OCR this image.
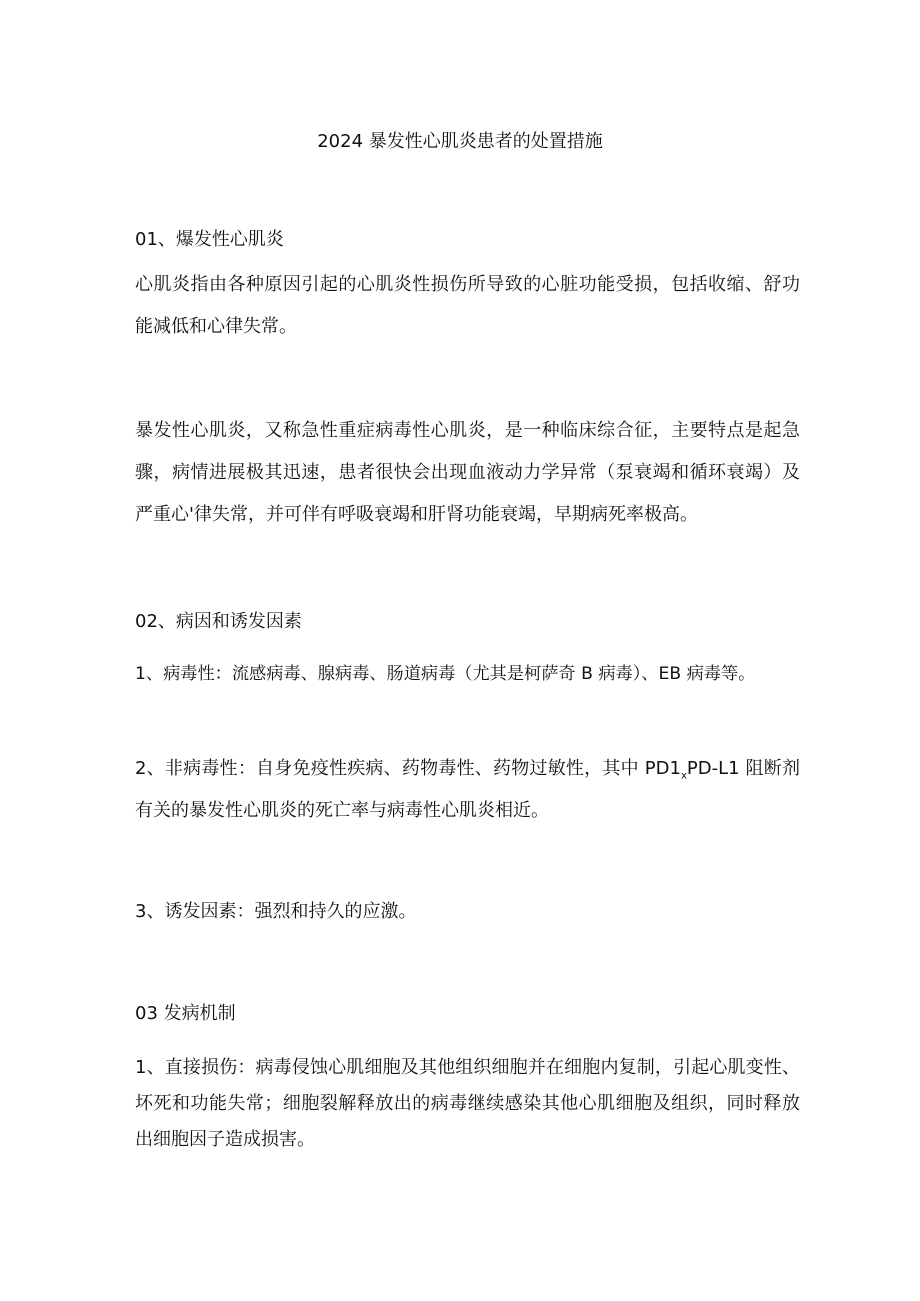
2024 暴发性心肌炎患者的处置措施
01、爆发性心肌炎
心肌炎指由各种原因引起的心肌炎性损伤所导致的心脏功能受损，包括收缩、舒功能减低和心律失常。
暴发性心肌炎，又称急性重症病毒性心肌炎，是一种临床综合征，主要特点是起急骤，病情进展极其迅速，患者很快会出现血液动力学异常（泵衰竭和循环衰竭）及严重心'律失常，并可伴有呼吸衰竭和肝肾功能衰竭，早期病死率极高。
02、病因和诱发因素
1、病毒性：流感病毒、腺病毒、肠道病毒（尤其是柯萨奇 B 病毒）、EB 病毒等。
2、非病毒性：自身免疫性疾病、药物毒性、药物过敏性，其中 $PD1_xPD-L1$ 阻断剂有关的暴发性心肌炎的死亡率与病毒性心肌炎相近。
3、诱发因素：强烈和持久的应激。
03 发病机制
1、直接损伤：病毒侵蚀心肌细胞及其他组织细胞并在细胞内复制，引起心肌变性、坏死和功能失常；细胞裂解释放出的病毒继续感染其他心肌细胞及组织，同时释放出细胞因子造成损害。
